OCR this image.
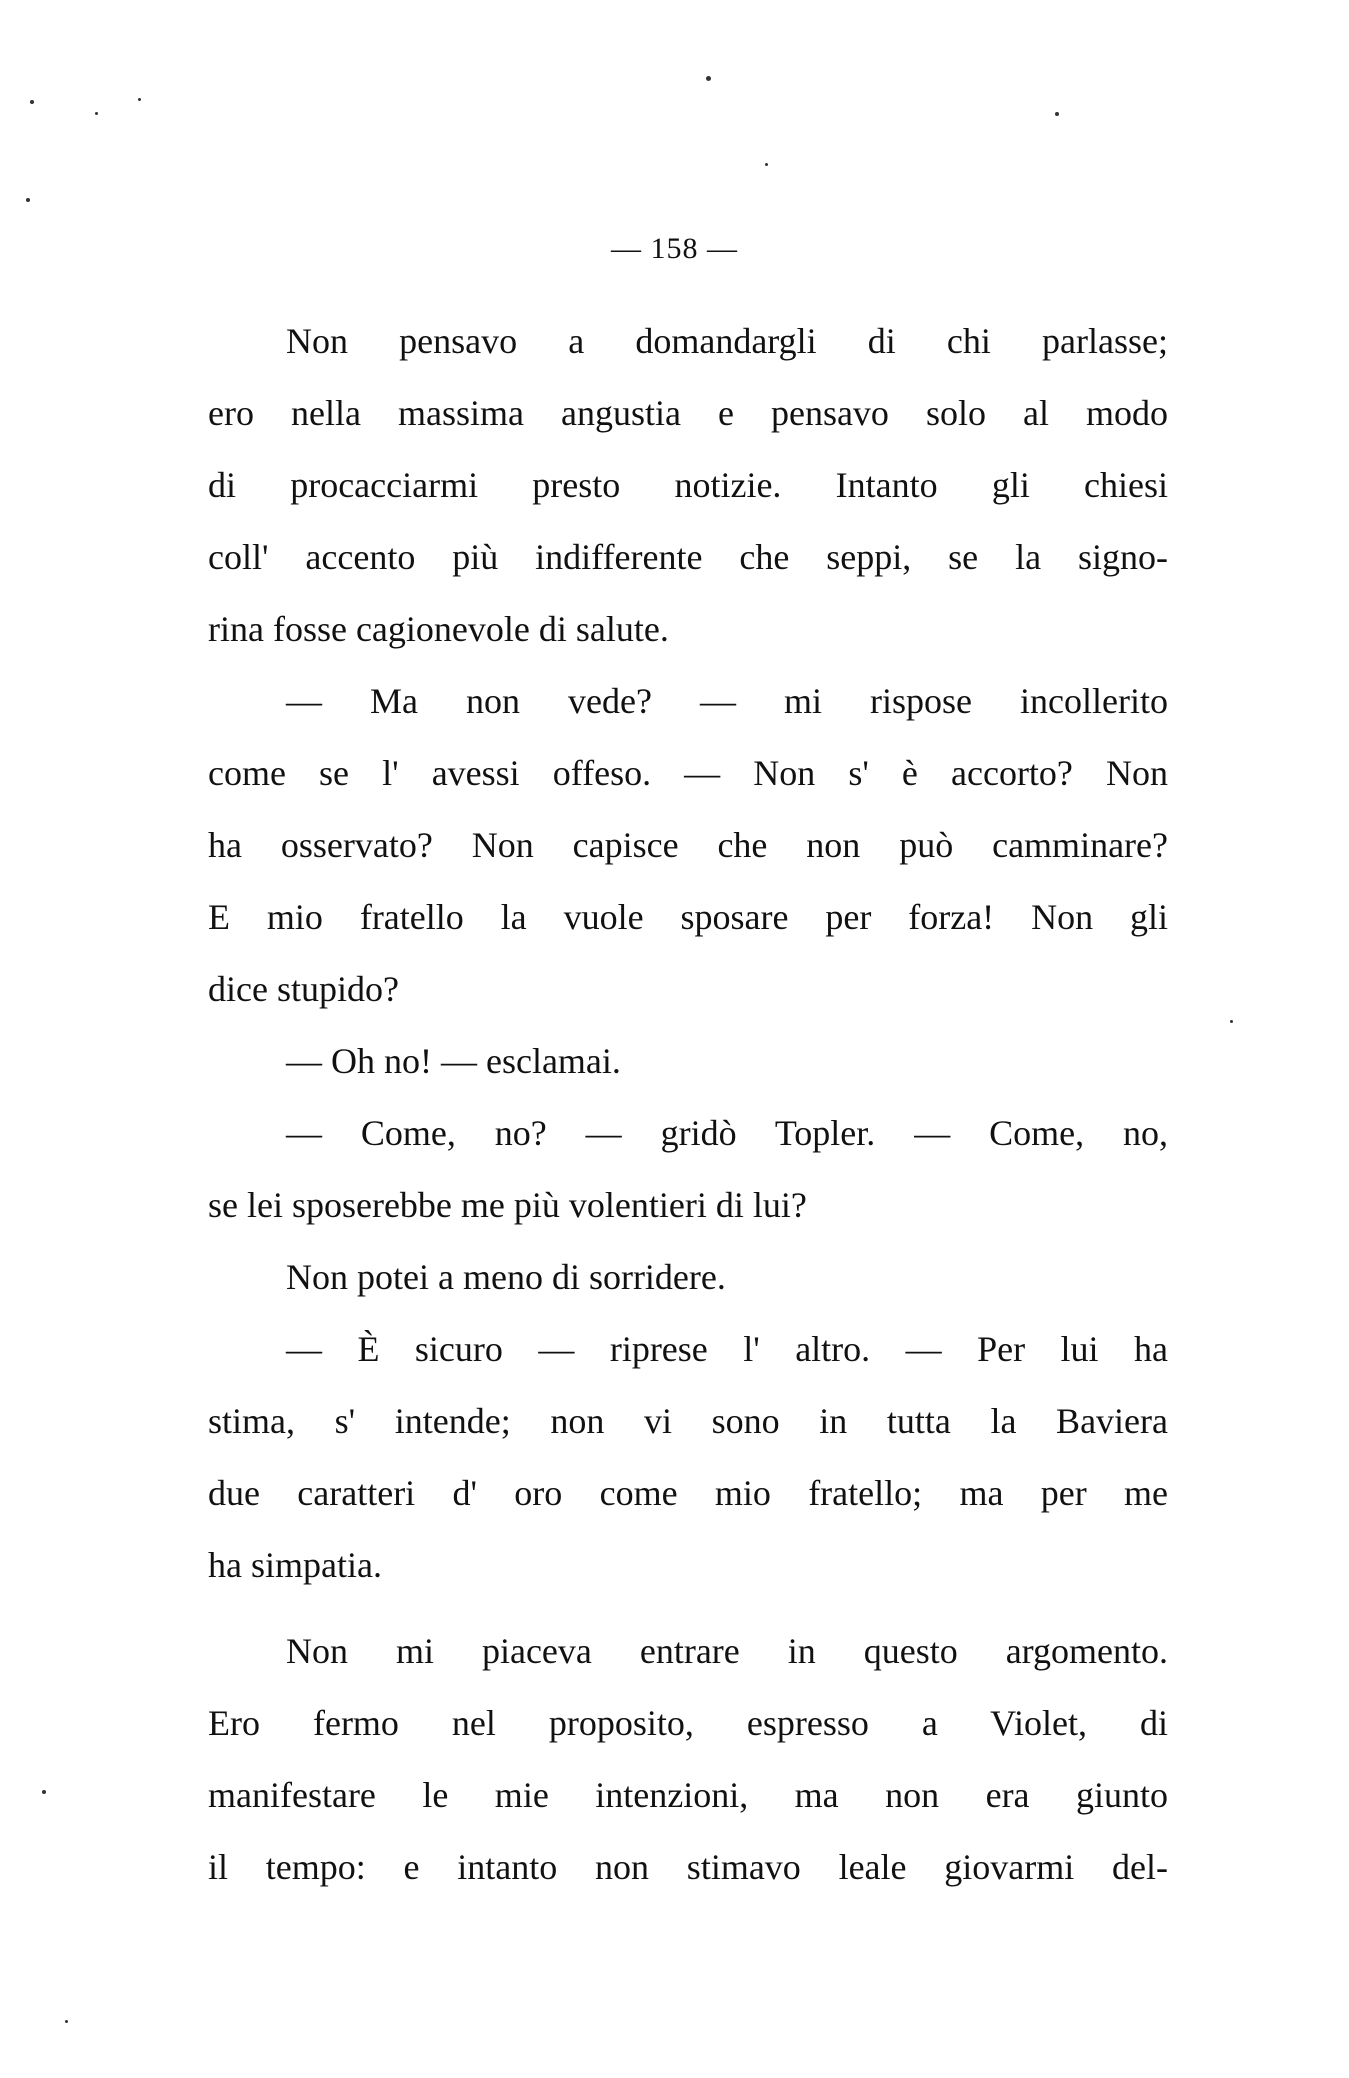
— 158 —
Non pensavo a domandargli di chi parlasse;
ero nella massima angustia e pensavo solo al modo
di procacciarmi presto notizie. Intanto gli chiesi
coll' accento più indifferente che seppi, se la signo-
rina fosse cagionevole di salute.
— Ma non vede? — mi rispose incollerito
come se l' avessi offeso. — Non s' è accorto? Non
ha osservato? Non capisce che non può camminare?
E mio fratello la vuole sposare per forza! Non gli
dice stupido?
— Oh no! — esclamai.
— Come, no? — gridò Topler. — Come, no,
se lei sposerebbe me più volentieri di lui?
Non potei a meno di sorridere.
— È sicuro — riprese l' altro. — Per lui ha
stima, s' intende; non vi sono in tutta la Baviera
due caratteri d' oro come mio fratello; ma per me
ha simpatia.
Non mi piaceva entrare in questo argomento.
Ero fermo nel proposito, espresso a Violet, di
manifestare le mie intenzioni, ma non era giunto
il tempo: e intanto non stimavo leale giovarmi del-
